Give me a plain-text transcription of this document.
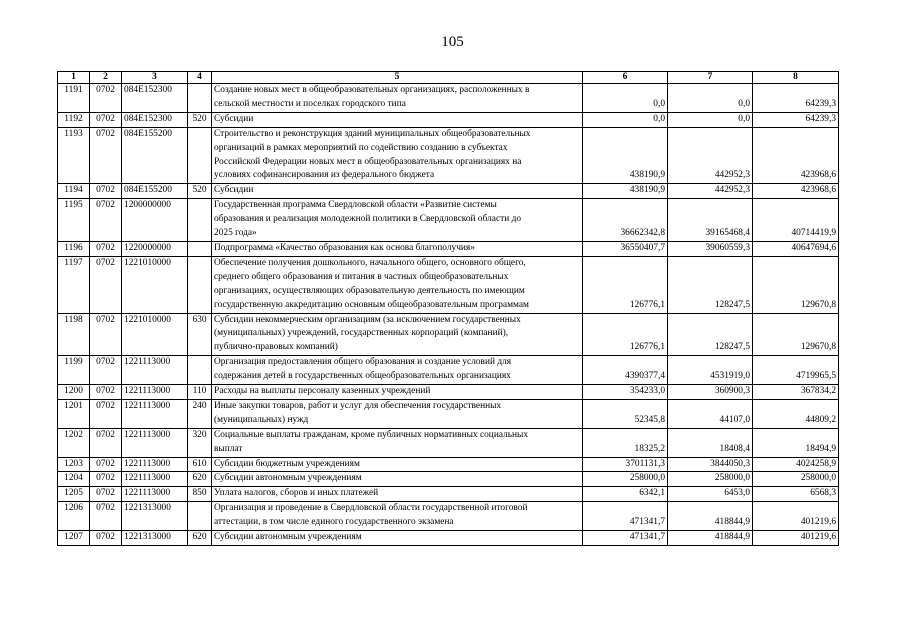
105
1	2	3	4	5	6	7	8
1191	0702	084E152300		Создание новых мест в общеобразовательных организациях, расположенных в
сельской местности и поселках городского типа	0,0	0,0	64239,3
1192	0702	084E152300	520	Субсидии	0,0	0,0	64239,3
1193	0702	084E155200		Строительство и реконструкция зданий муниципальных общеобразовательных
организаций в рамках мероприятий по содействию созданию в субъектах
Российской Федерации новых мест в общеобразовательных организациях на
условиях софинансирования из федерального бюджета	438190,9	442952,3	423968,6
1194	0702	084E155200	520	Субсидии	438190,9	442952,3	423968,6
1195	0702	1200000000		Государственная программа Свердловской области «Развитие системы
образования и реализация молодежной политики в Свердловской области до
2025 года»	36662342,8	39165468,4	40714419,9
1196	0702	1220000000		Подпрограмма «Качество образования как основа благополучия»	36550407,7	39060559,3	40647694,6
1197	0702	1221010000		Обеспечение получения дошкольного, начального общего, основного общего,
среднего общего образования и питания в частных общеобразовательных
организациях, осуществляющих образовательную деятельность по имеющим
государственную аккредитацию основным общеобразовательным программам	126776,1	128247,5	129670,8
1198	0702	1221010000	630	Субсидии некоммерческим организациям (за исключением государственных
(муниципальных) учреждений, государственных корпораций (компаний),
публично-правовых компаний)	126776,1	128247,5	129670,8
1199	0702	1221113000		Организация предоставления общего образования и создание условий для
содержания детей в государственных общеобразовательных организациях	4390377,4	4531919,0	4719965,5
1200	0702	1221113000	110	Расходы на выплаты персоналу казенных учреждений	354233,0	360900,3	367834,2
1201	0702	1221113000	240	Иные закупки товаров, работ и услуг для обеспечения государственных
(муниципальных) нужд	52345,8	44107,0	44809,2
1202	0702	1221113000	320	Социальные выплаты гражданам, кроме публичных нормативных социальных
выплат	18325,2	18408,4	18494,9
1203	0702	1221113000	610	Субсидии бюджетным учреждениям	3701131,3	3844050,3	4024258,9
1204	0702	1221113000	620	Субсидии автономным учреждениям	258000,0	258000,0	258000,0
1205	0702	1221113000	850	Уплата налогов, сборов и иных платежей	6342,1	6453,0	6568,3
1206	0702	1221313000		Организация и проведение в Свердловской области государственной итоговой
аттестации, в том числе единого государственного экзамена	471341,7	418844,9	401219,6
1207	0702	1221313000	620	Субсидии автономным учреждениям	471341,7	418844,9	401219,6
